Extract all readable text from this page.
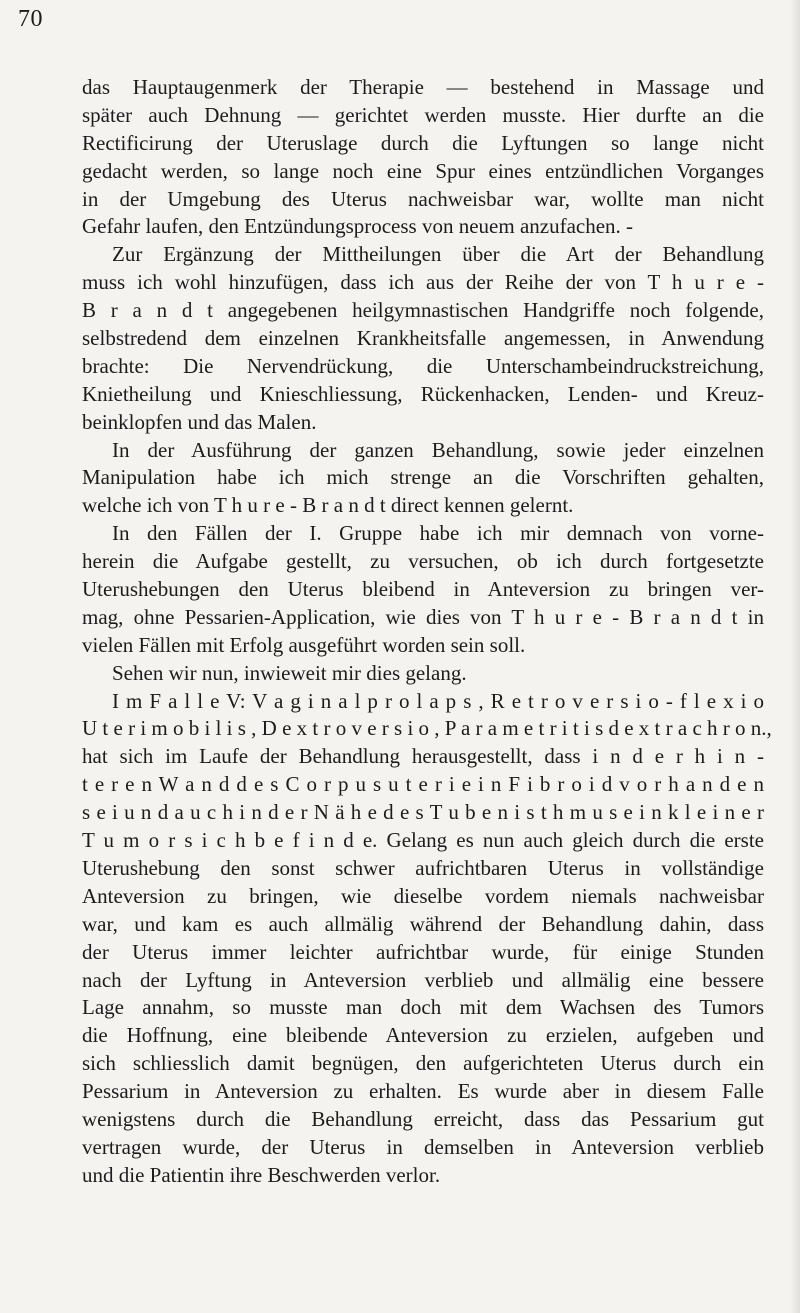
70
das Hauptaugenmerk der Therapie — bestehend in Massage und
später auch Dehnung — gerichtet werden musste. Hier durfte an die
Rectificirung der Uteruslage durch die Lyftungen so lange nicht
gedacht werden, so lange noch eine Spur eines entzündlichen Vorganges
in der Umgebung des Uterus nachweisbar war, wollte man nicht
Gefahr laufen, den Entzündungsprocess von neuem anzufachen. -
Zur Ergänzung der Mittheilungen über die Art der Behandlung
muss ich wohl hinzufügen, dass ich aus der Reihe der von T h u r e -
B r a n d t angegebenen heilgymnastischen Handgriffe noch folgende,
selbstredend dem einzelnen Krankheitsfalle angemessen, in Anwendung
brachte: Die Nervendrückung, die Unterschambeindruckstreichung,
Knietheilung und Knieschliessung, Rückenhacken, Lenden- und Kreuz-
beinklopfen und das Malen.
In der Ausführung der ganzen Behandlung, sowie jeder einzelnen
Manipulation habe ich mich strenge an die Vorschriften gehalten,
welche ich von T h u r e - B r a n d t direct kennen gelernt.
In den Fällen der I. Gruppe habe ich mir demnach von vorne-
herein die Aufgabe gestellt, zu versuchen, ob ich durch fortgesetzte
Uterushebungen den Uterus bleibend in Anteversion zu bringen ver-
mag, ohne Pessarien-Application, wie dies von T h u r e - B r a n d t in
vielen Fällen mit Erfolg ausgeführt worden sein soll.
Sehen wir nun, inwieweit mir dies gelang.
I m F a l l e V: V a g i n a l p r o l a p s , R e t r o v e r s i o - f l e x i o
U t e r i m o b i l i s , D e x t r o v e r s i o , P a r a m e t r i t i s d e x t r a c h r o n.,
hat sich im Laufe der Behandlung herausgestellt, dass i n d e r h i n -
t e r e n W a n d d e s C o r p u s u t e r i e i n F i b r o i d v o r h a n d e n
s e i u n d a u c h i n d e r N ä h e d e s T u b e n i s t h m u s e i n k l e i n e r
T u m o r s i c h b e f i n d e. Gelang es nun auch gleich durch die erste
Uterushebung den sonst schwer aufrichtbaren Uterus in vollständige
Anteversion zu bringen, wie dieselbe vordem niemals nachweisbar
war, und kam es auch allmälig während der Behandlung dahin, dass
der Uterus immer leichter aufrichtbar wurde, für einige Stunden
nach der Lyftung in Anteversion verblieb und allmälig eine bessere
Lage annahm, so musste man doch mit dem Wachsen des Tumors
die Hoffnung, eine bleibende Anteversion zu erzielen, aufgeben und
sich schliesslich damit begnügen, den aufgerichteten Uterus durch ein
Pessarium in Anteversion zu erhalten. Es wurde aber in diesem Falle
wenigstens durch die Behandlung erreicht, dass das Pessarium gut
vertragen wurde, der Uterus in demselben in Anteversion verblieb
und die Patientin ihre Beschwerden verlor.
